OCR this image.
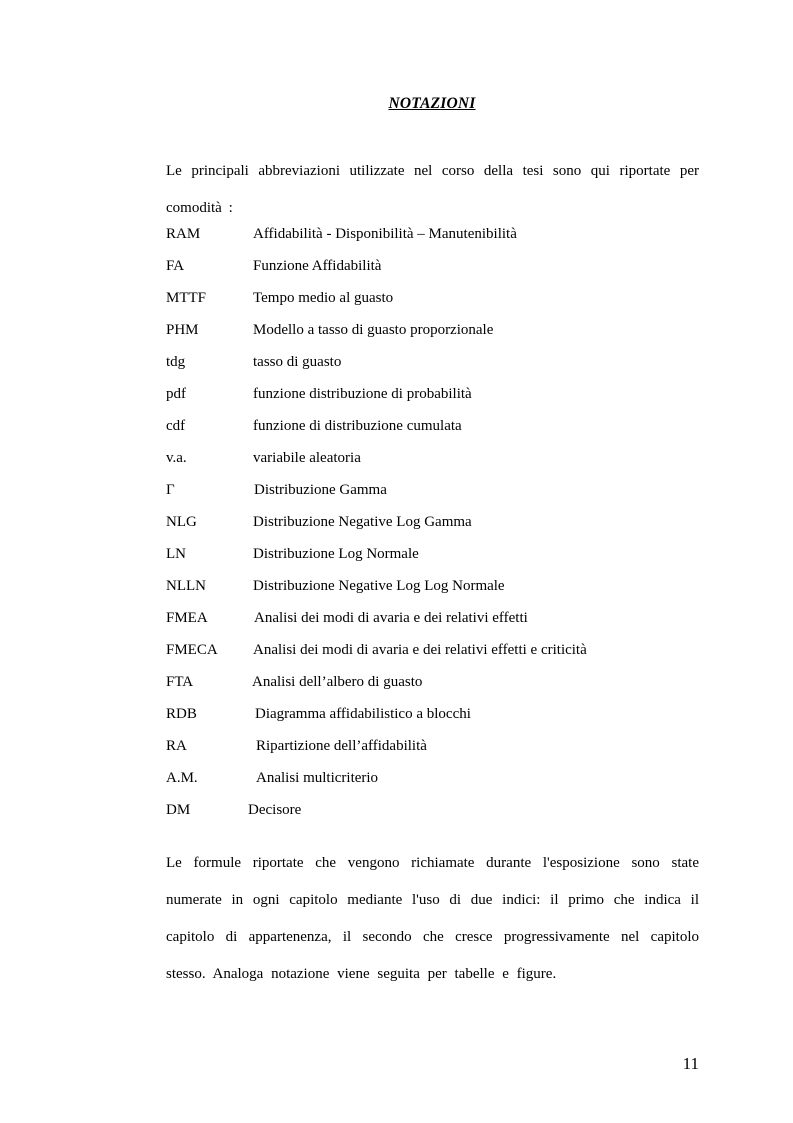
NOTAZIONI

Le principali abbreviazioni utilizzate nel corso della tesi sono qui riportate per comodità :

RAM	Affidabilità - Disponibilità – Manutenibilità
FA	Funzione Affidabilità
MTTF	Tempo medio al guasto
PHM	Modello a tasso di guasto proporzionale
tdg	tasso di guasto
pdf	funzione distribuzione di probabilità
cdf	funzione di distribuzione cumulata
v.a.	variabile aleatoria
Γ	Distribuzione Gamma
NLG	Distribuzione Negative Log Gamma
LN	Distribuzione Log Normale
NLLN	Distribuzione Negative Log Log Normale
FMEA	Analisi dei modi di avaria e dei relativi effetti
FMECA Analisi dei modi di avaria e dei relativi effetti e criticità
FTA	Analisi dell’albero di guasto
RDB	Diagramma affidabilistico a blocchi
RA	Ripartizione dell’affidabilità
A.M.	Analisi multicriterio
DM	Decisore

Le formule riportate che vengono richiamate durante l'esposizione sono state numerate in ogni capitolo mediante l'uso di due indici: il primo che indica il capitolo di appartenenza, il secondo che cresce progressivamente nel capitolo stesso. Analoga notazione viene seguita per tabelle e figure.

11
